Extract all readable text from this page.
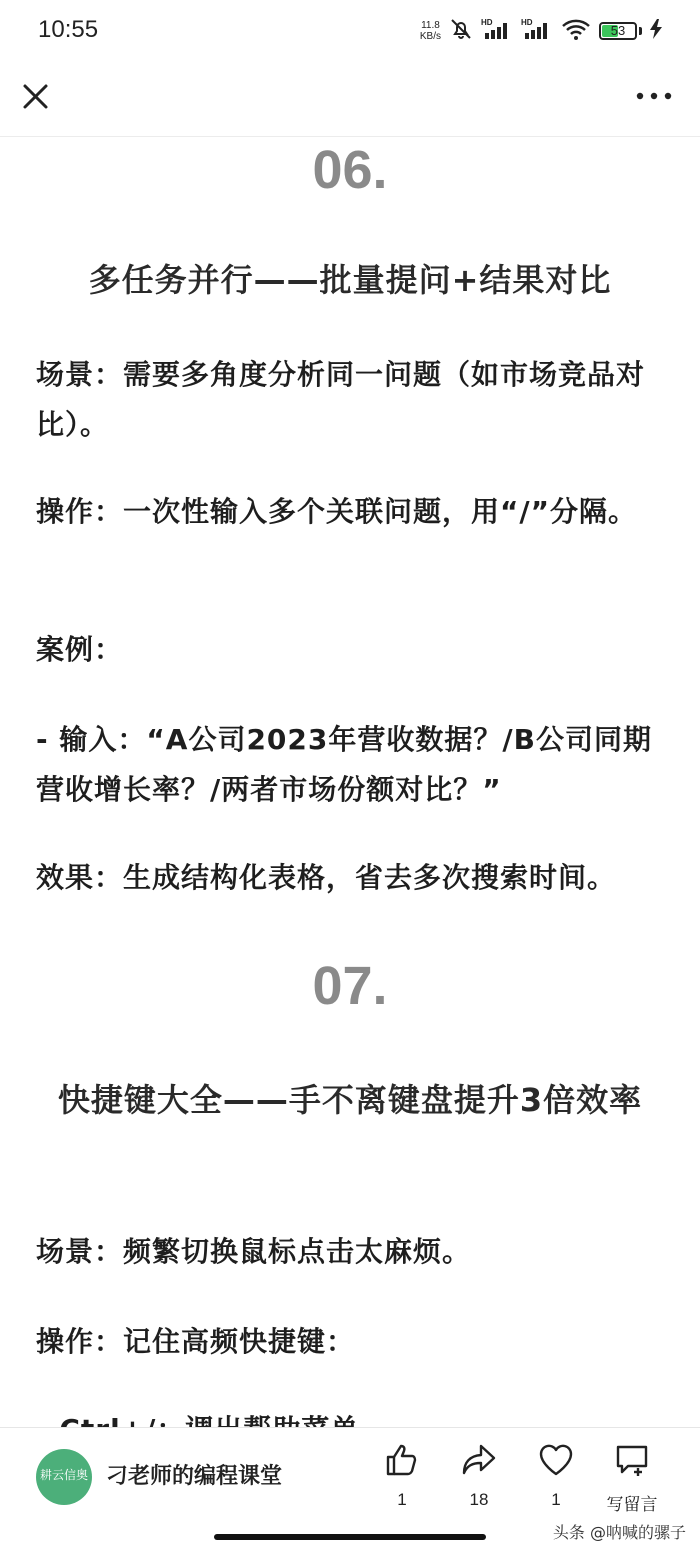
10:55	11.8
KB/s
HD	HD
53
06.
多任务并行——批量提问+结果对比
场景：需要多角度分析同一问题（如市场竞品对比）。
操作：一次性输入多个关联问题，用“/”分隔。
案例：
- 输入：“A公司2023年营收数据？/B公司同期营收增长率？/两者市场份额对比？”
效果：生成结构化表格，省去多次搜索时间。
07.
快捷键大全——手不离键盘提升3倍效率
场景：频繁切换鼠标点击太麻烦。
操作：记住高频快捷键：
耕云信奥 刁老师的编程课堂
1	18	1	写留言
头条 @呐喊的骡子
